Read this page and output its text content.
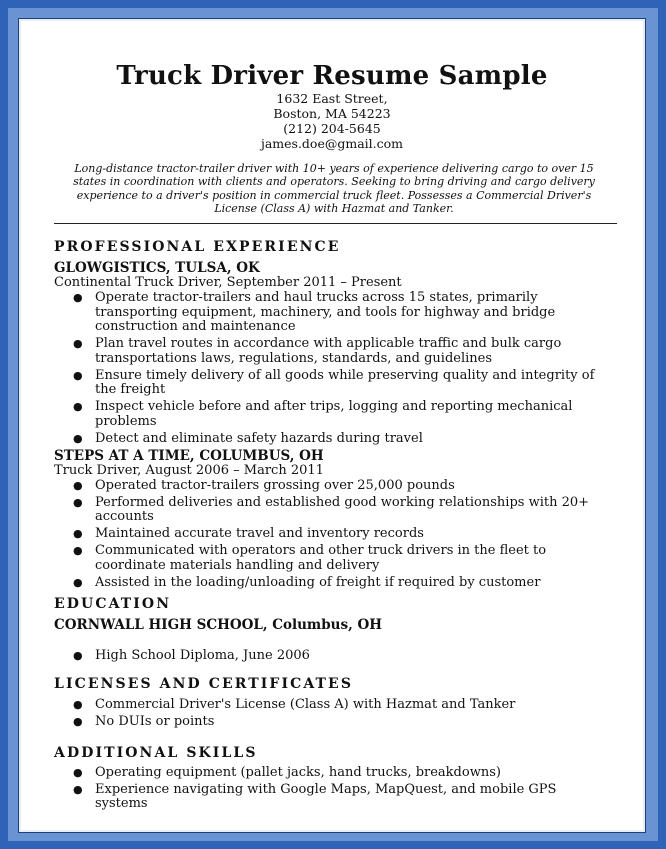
Truck Driver Resume Sample
1632 East Street,
Boston, MA 54223
(212) 204-5645
james.doe@gmail.com
Long-distance tractor-trailer driver with 10+ years of experience delivering cargo to over 15 states in coordination with clients and operators. Seeking to bring driving and cargo delivery experience to a driver's position in commercial truck fleet. Possesses a Commercial Driver's License (Class A) with Hazmat and Tanker.
PROFESSIONAL EXPERIENCE
GLOWGISTICS, TULSA, OK
Continental Truck Driver, September 2011 – Present
● Operate tractor-trailers and haul trucks across 15 states, primarily transporting equipment, machinery, and tools for highway and bridge construction and maintenance
● Plan travel routes in accordance with applicable traffic and bulk cargo transportations laws, regulations, standards, and guidelines
● Ensure timely delivery of all goods while preserving quality and integrity of the freight
● Inspect vehicle before and after trips, logging and reporting mechanical problems
● Detect and eliminate safety hazards during travel
STEPS AT A TIME, COLUMBUS, OH
Truck Driver, August 2006 – March 2011
● Operated tractor-trailers grossing over 25,000 pounds
● Performed deliveries and established good working relationships with 20+ accounts
● Maintained accurate travel and inventory records
● Communicated with operators and other truck drivers in the fleet to coordinate materials handling and delivery
● Assisted in the loading/unloading of freight if required by customer
EDUCATION
CORNWALL HIGH SCHOOL, Columbus, OH
● High School Diploma, June 2006
LICENSES AND CERTIFICATES
● Commercial Driver's License (Class A) with Hazmat and Tanker
● No DUIs or points
ADDITIONAL SKILLS
● Operating equipment (pallet jacks, hand trucks, breakdowns)
● Experience navigating with Google Maps, MapQuest, and mobile GPS systems
